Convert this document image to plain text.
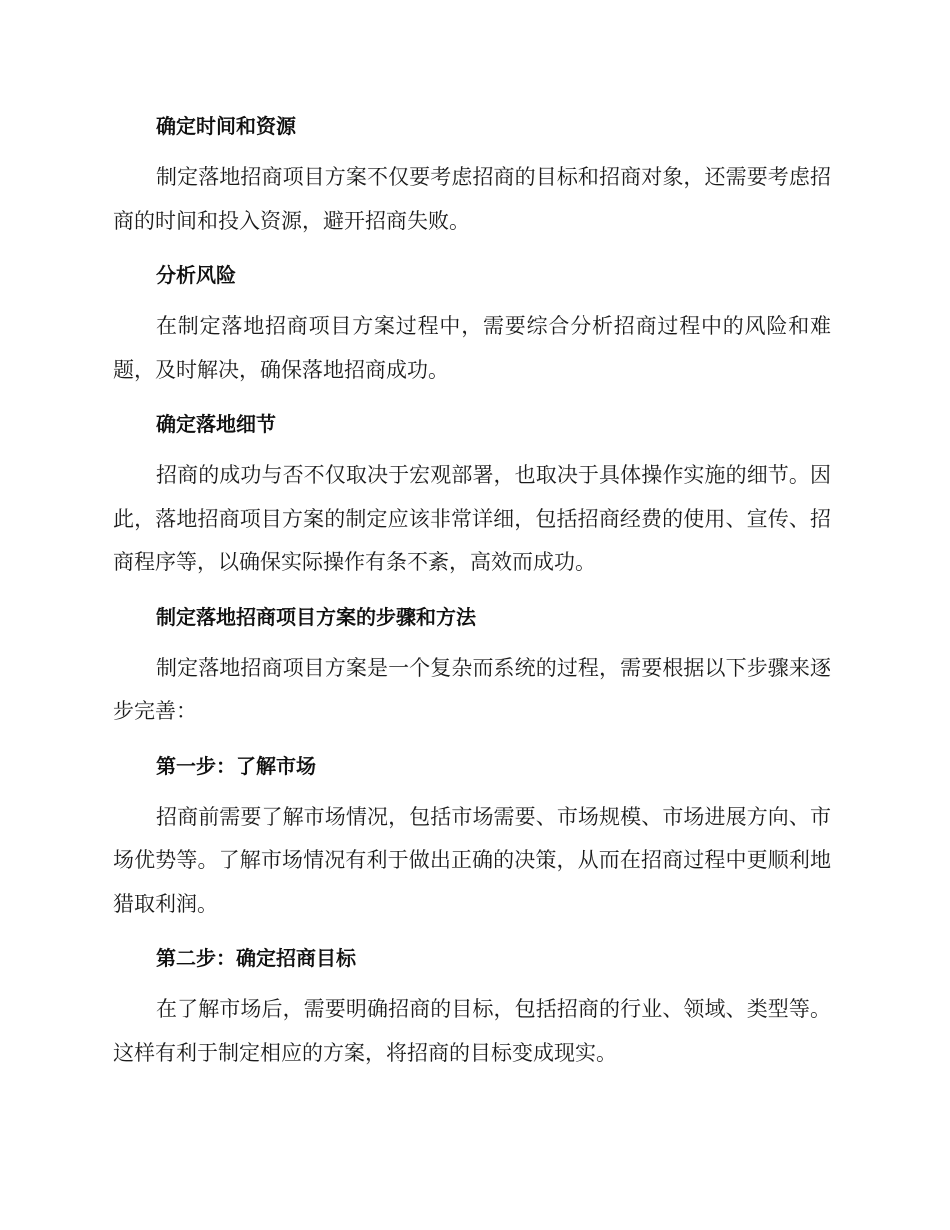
确定时间和资源

制定落地招商项目方案不仅要考虑招商的目标和招商对象，还需要考虑招商的时间和投入资源，避开招商失败。

分析风险

在制定落地招商项目方案过程中，需要综合分析招商过程中的风险和难题，及时解决，确保落地招商成功。

确定落地细节

招商的成功与否不仅取决于宏观部署，也取决于具体操作实施的细节。因此，落地招商项目方案的制定应该非常详细，包括招商经费的使用、宣传、招商程序等，以确保实际操作有条不紊，高效而成功。

制定落地招商项目方案的步骤和方法

制定落地招商项目方案是一个复杂而系统的过程，需要根据以下步骤来逐步完善：

第一步：了解市场

招商前需要了解市场情况，包括市场需要、市场规模、市场进展方向、市场优势等。了解市场情况有利于做出正确的决策，从而在招商过程中更顺利地猎取利润。

第二步：确定招商目标

在了解市场后，需要明确招商的目标，包括招商的行业、领域、类型等。这样有利于制定相应的方案，将招商的目标变成现实。
